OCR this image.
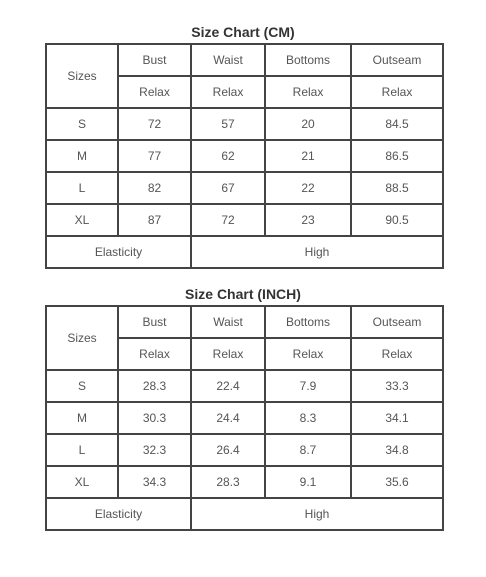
Size Chart (CM)
Sizes	Bust	Waist	Bottoms	Outseam
	Relax	Relax	Relax	Relax
S	72	57	20	84.5
M	77	62	21	86.5
L	82	67	22	88.5
XL	87	72	23	90.5
Elasticity		High		
Size Chart (INCH)
Sizes	Bust	Waist	Bottoms	Outseam
	Relax	Relax	Relax	Relax
S	28.3	22.4	7.9	33.3
M	30.3	24.4	8.3	34.1
L	32.3	26.4	8.7	34.8
XL	34.3	28.3	9.1	35.6
Elasticity		High		
